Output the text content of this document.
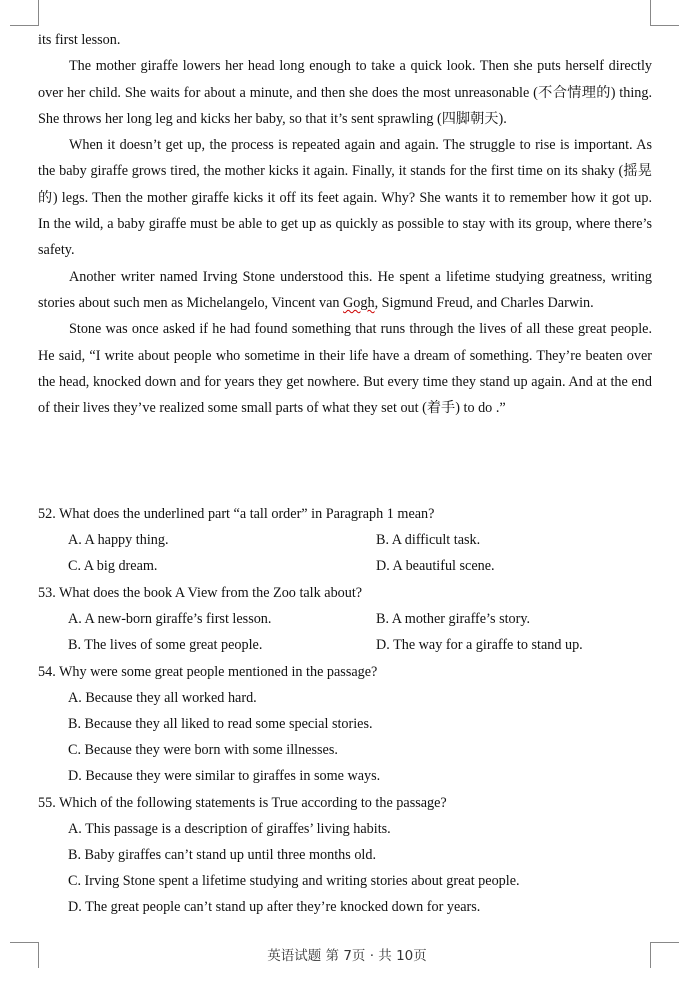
its first lesson.

The mother giraffe lowers her head long enough to take a quick look. Then she puts herself directly over her child. She waits for about a minute, and then she does the most unreasonable (不合情理的) thing. She throws her long leg and kicks her baby, so that it’s sent sprawling (四脚朝天).

When it doesn’t get up, the process is repeated again and again. The struggle to rise is important. As the baby giraffe grows tired, the mother kicks it again. Finally, it stands for the first time on its shaky (摇晃的) legs. Then the mother giraffe kicks it off its feet again. Why? She wants it to remember how it got up. In the wild, a baby giraffe must be able to get up as quickly as possible to stay with its group, where there’s safety.

Another writer named Irving Stone understood this. He spent a lifetime studying greatness, writing stories about such men as Michelangelo, Vincent van Gogh, Sigmund Freud, and Charles Darwin.

Stone was once asked if he had found something that runs through the lives of all these great people. He said, “I write about people who sometime in their life have a dream of something. They’re beaten over the head, knocked down and for years they get nowhere. But every time they stand up again. And at the end of their lives they’ve realized some small parts of what they set out (着手) to do .”

52. What does the underlined part “a tall order” in Paragraph 1 mean?
A. A happy thing.	B. A difficult task.
C. A big dream.	D. A beautiful scene.
53. What does the book A View from the Zoo talk about?
A. A new-born giraffe’s first lesson.	B. A mother giraffe’s story.
B. The lives of some great people.	D. The way for a giraffe to stand up.
54. Why were some great people mentioned in the passage?
A. Because they all worked hard.
B. Because they all liked to read some special stories.
C. Because they were born with some illnesses.
D. Because they were similar to giraffes in some ways.
55. Which of the following statements is True according to the passage?
A. This passage is a description of giraffes’ living habits.
B. Baby giraffes can’t stand up until three months old.
C. Irving Stone spent a lifetime studying and writing stories about great people.
D. The great people can’t stand up after they’re knocked down for years.
英语试题 第 7页 · 共 10页
